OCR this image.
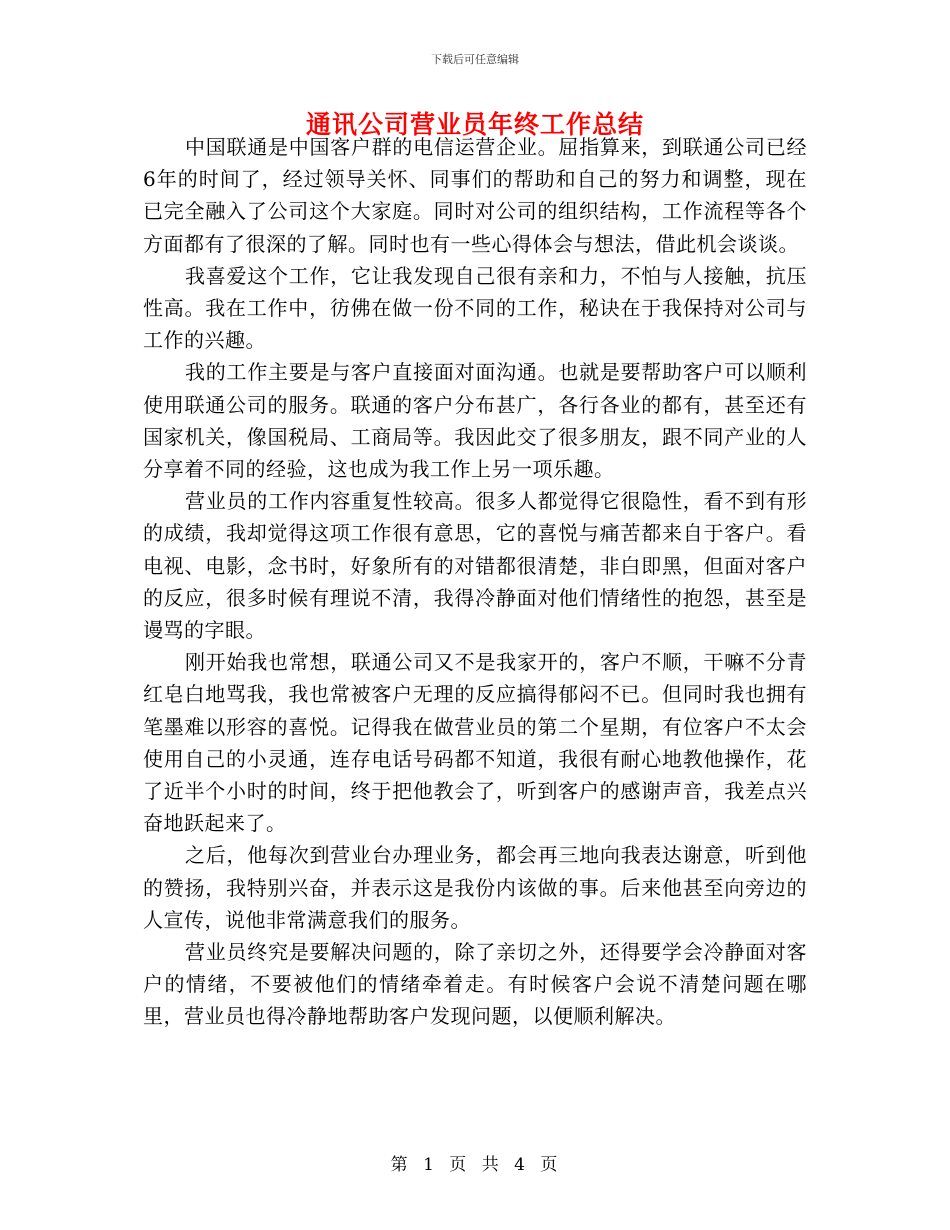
下载后可任意编辑
通讯公司营业员年终工作总结

中国联通是中国客户群的电信运营企业。屈指算来，到联通公司已经6年的时间了，经过领导关怀、同事们的帮助和自己的努力和调整，现在已完全融入了公司这个大家庭。同时对公司的组织结构，工作流程等各个方面都有了很深的了解。同时也有一些心得体会与想法，借此机会谈谈。

我喜爱这个工作，它让我发现自己很有亲和力，不怕与人接触，抗压性高。我在工作中，彷佛在做一份不同的工作，秘诀在于我保持对公司与工作的兴趣。

我的工作主要是与客户直接面对面沟通。也就是要帮助客户可以顺利使用联通公司的服务。联通的客户分布甚广，各行各业的都有，甚至还有国家机关，像国税局、工商局等。我因此交了很多朋友，跟不同产业的人分享着不同的经验，这也成为我工作上另一项乐趣。

营业员的工作内容重复性较高。很多人都觉得它很隐性，看不到有形的成绩，我却觉得这项工作很有意思，它的喜悦与痛苦都来自于客户。看电视、电影，念书时，好象所有的对错都很清楚，非白即黑，但面对客户的反应，很多时候有理说不清，我得冷静面对他们情绪性的抱怨，甚至是谩骂的字眼。

刚开始我也常想，联通公司又不是我家开的，客户不顺，干嘛不分青红皂白地骂我，我也常被客户无理的反应搞得郁闷不已。但同时我也拥有笔墨难以形容的喜悦。记得我在做营业员的第二个星期，有位客户不太会使用自己的小灵通，连存电话号码都不知道，我很有耐心地教他操作，花了近半个小时的时间，终于把他教会了，听到客户的感谢声音，我差点兴奋地跃起来了。

之后，他每次到营业台办理业务，都会再三地向我表达谢意，听到他的赞扬，我特别兴奋，并表示这是我份内该做的事。后来他甚至向旁边的人宣传，说他非常满意我们的服务。

营业员终究是要解决问题的，除了亲切之外，还得要学会冷静面对客户的情绪，不要被他们的情绪牵着走。有时候客户会说不清楚问题在哪里，营业员也得冷静地帮助客户发现问题，以便顺利解决。

第 1 页 共 4 页
